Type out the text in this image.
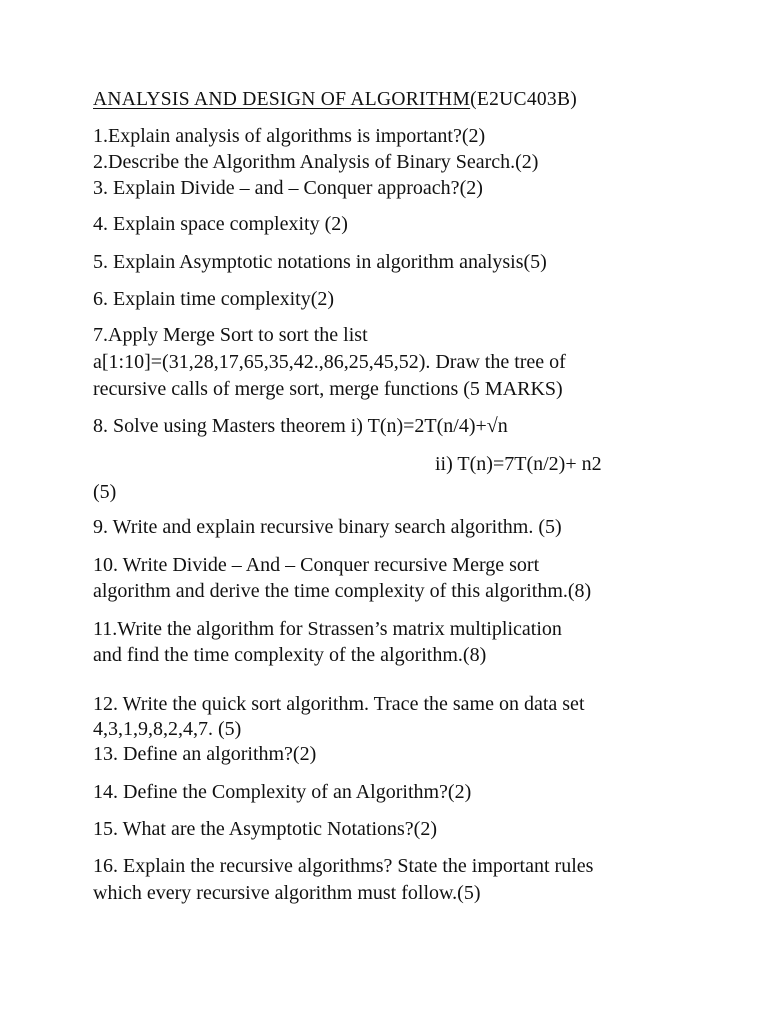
ANALYSIS AND DESIGN OF ALGORITHM(E2UC403B)
1.Explain analysis of algorithms is important?(2)
2.Describe the Algorithm Analysis of Binary Search.(2)
3. Explain Divide – and – Conquer approach?(2)
4. Explain space complexity (2)
5. Explain Asymptotic notations in algorithm analysis(5)
6. Explain time complexity(2)
7.Apply Merge Sort to sort the list
a[1:10]=(31,28,17,65,35,42.,86,25,45,52). Draw the tree of
recursive calls of merge sort, merge functions (5 MARKS)
8. Solve using Masters theorem i) T(n)=2T(n/4)+√n
ii) T(n)=7T(n/2)+ n2
(5)
9. Write and explain recursive binary search algorithm. (5)
10. Write Divide – And – Conquer recursive Merge sort
algorithm and derive the time complexity of this algorithm.(8)
11.Write the algorithm for Strassen’s matrix multiplication
and find the time complexity of the algorithm.(8)
12. Write the quick sort algorithm. Trace the same on data set
4,3,1,9,8,2,4,7. (5)
13. Define an algorithm?(2)
14. Define the Complexity of an Algorithm?(2)
15. What are the Asymptotic Notations?(2)
16. Explain the recursive algorithms? State the important rules
which every recursive algorithm must follow.(5)
